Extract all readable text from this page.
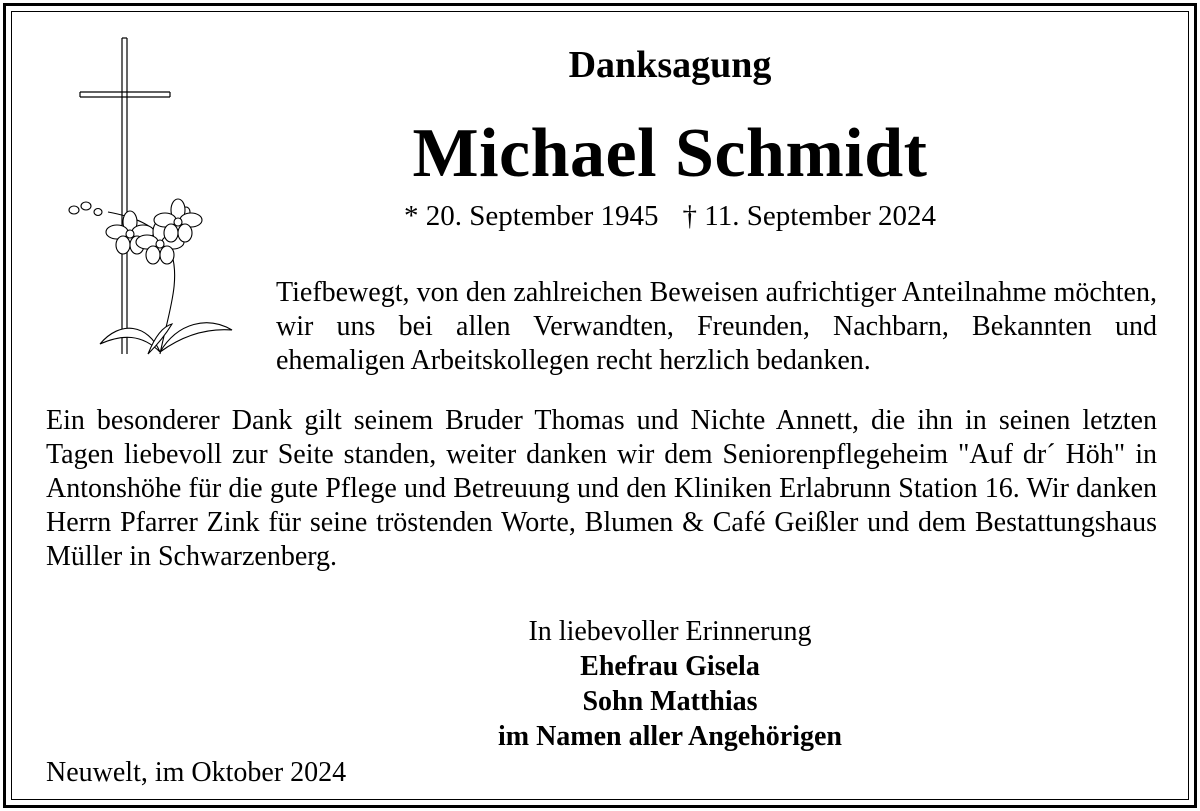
Danksagung
Michael Schmidt
* 20. September 1945 † 11. September 2024
Tiefbewegt, von den zahlreichen Beweisen aufrichtiger Anteilnahme möchten, wir uns bei allen Verwandten, Freunden, Nachbarn, Bekannten und ehemaligen Arbeitskollegen recht herzlich bedanken.
Ein besonderer Dank gilt seinem Bruder Thomas und Nichte Annett, die ihn in seinen letzten Tagen liebevoll zur Seite standen, weiter danken wir dem Seniorenpflegeheim "Auf dr´ Höh" in Antonshöhe für die gute Pflege und Betreuung und den Kliniken Erlabrunn Station 16. Wir danken Herrn Pfarrer Zink für seine tröstenden Worte, Blumen & Café Geißler und dem Bestattungshaus Müller in Schwarzenberg.
In liebevoller Erinnerung
Ehefrau Gisela
Sohn Matthias
im Namen aller Angehörigen
Neuwelt, im Oktober 2024
